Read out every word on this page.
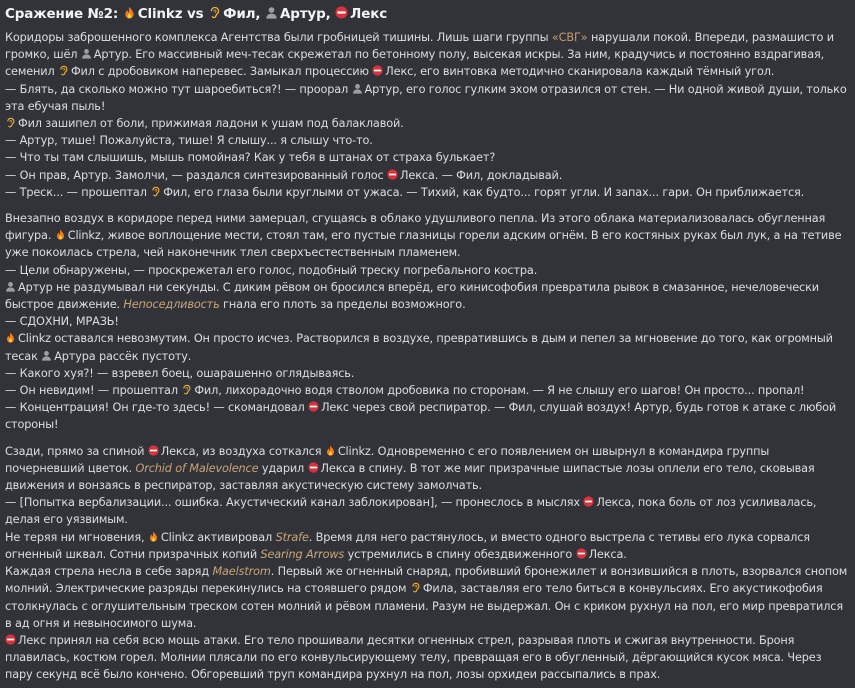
Сражение №2: Clinkz vs Фил, Артур, Лекс

Коридоры заброшенного комплекса Агентства были гробницей тишины. Лишь шаги группы «СВГ» нарушали покой. Впереди, размашисто и громко, шёл
Артур. Его массивный меч-тесак скрежетал по бетонному полу, высекая искры. За ним, крадучись и постоянно вздрагивая, семенил
Фил с дробовиком наперевес. Замыкал процессию
Лекс, его винтовка методично сканировала каждый тёмный угол.

— Блять, да сколько можно тут шароебиться?! — проорал
Артур, его голос гулким эхом отразился от стен. — Ни одной живой души, только эта ебучая пыль!

Фил зашипел от боли, прижимая ладони к ушам под балаклавой.

— Артур, тише! Пожалуйста, тише! Я слышу... я слышу что-то.

— Что ты там слышишь, мышь помойная? Как у тебя в штанах от страха булькает?

— Он прав, Артур. Замолчи, — раздался синтезированный голос
Лекса. — Фил, докладывай.

— Треск... — прошептал
Фил, его глаза были круглыми от ужаса. — Тихий, как будто... горят угли. И запах... гари. Он приближается.

Внезапно воздух в коридоре перед ними замерцал, сгущаясь в облако удушливого пепла. Из этого облака материализовалась обугленная фигура.
Clinkz, живое воплощение мести, стоял там, его пустые глазницы горели адским огнём. В его костяных руках был лук, а на тетиве уже покоилась стрела, чей наконечник тлел сверхъестественным пламенем.

— Цели обнаружены, — проскрежетал его голос, подобный треску погребального костра.

Артур не раздумывал ни секунды. С диким рёвом он бросился вперёд, его кинисофобия превратила рывок в смазанное, нечеловечески быстрое движение. Непоседливость гнала его плоть за пределы возможного.

— СДОХНИ, МРАЗЬ!

Clinkz оставался невозмутим. Он просто исчез. Растворился в воздухе, превратившись в дым и пепел за мгновение до того, как огромный тесак
Артура рассёк пустоту.

— Какого хуя?! — взревел боец, ошарашенно оглядываясь.

— Он невидим! — прошептал
Фил, лихорадочно водя стволом дробовика по сторонам. — Я не слышу его шагов! Он просто... пропал!

— Концентрация! Он где-то здесь! — скомандовал
Лекс через свой респиратор. — Фил, слушай воздух! Артур, будь готов к атаке с любой стороны!

Сзади, прямо за спиной
Лекса, из воздуха соткался
Clinkz. Одновременно с его появлением он швырнул в командира группы почерневший цветок. Orchid of Malevolence ударил
Лекса в спину. В тот же миг призрачные шипастые лозы оплели его тело, сковывая движения и вонзаясь в респиратор, заставляя акустическую систему замолчать.

— [Попытка вербализации... ошибка. Акустический канал заблокирован], — пронеслось в мыслях
Лекса, пока боль от лоз усиливалась, делая его уязвимым.

Не теряя ни мгновения,
Clinkz активировал Strafe. Время для него растянулось, и вместо одного выстрела с тетивы его лука сорвался огненный шквал. Сотни призрачных копий Searing Arrows устремились в спину обездвиженного
Лекса.

Каждая стрела несла в себе заряд Maelstrom. Первый же огненный снаряд, пробивший бронежилет и вонзившийся в плоть, взорвался снопом молний. Электрические разряды перекинулись на стоявшего рядом
Фила, заставляя его тело биться в конвульсиях. Его акустикофобия столкнулась с оглушительным треском сотен молний и рёвом пламени. Разум не выдержал. Он с криком рухнул на пол, его мир превратился в ад огня и невыносимого шума.

Лекс принял на себя всю мощь атаки. Его тело прошивали десятки огненных стрел, разрывая плоть и сжигая внутренности. Броня плавилась, костюм горел. Молнии плясали по его конвульсирующему телу, превращая его в обугленный, дёргающийся кусок мяса. Через пару секунд всё было кончено. Обгоревший труп командира рухнул на пол, лозы орхидеи рассыпались в прах.
